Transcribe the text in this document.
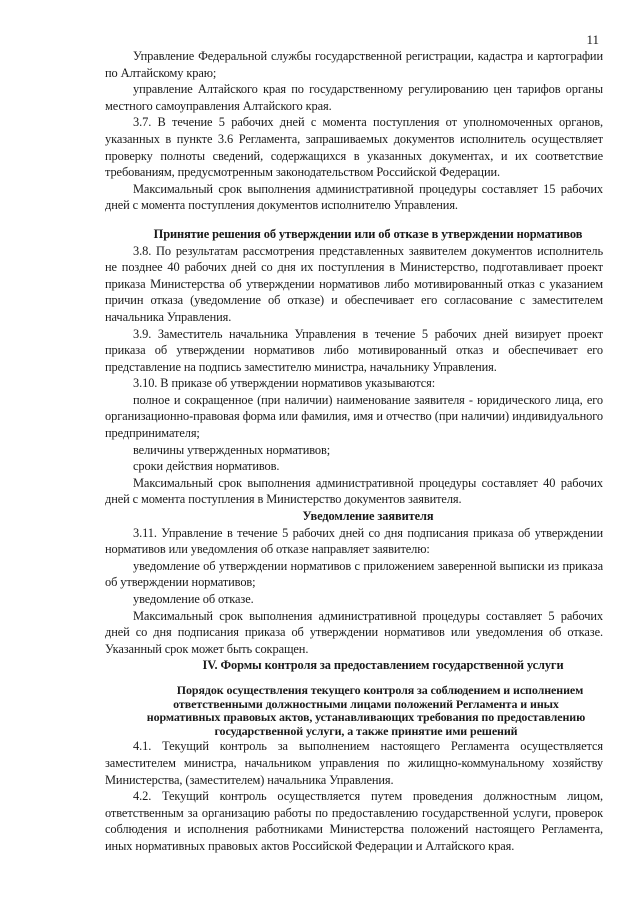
11

Управление Федеральной службы государственной регистрации, кадастра и картографии по Алтайскому краю;

управление Алтайского края по государственному регулированию цен тарифов органы местного самоуправления Алтайского края.

3.7. В течение 5 рабочих дней с момента поступления от уполномоченных органов, указанных в пункте 3.6 Регламента, запрашиваемых документов исполнитель осуществляет проверку полноты сведений, содержащихся в указанных документах, и их соответствие требованиям, предусмотренным законодательством Российской Федерации.

Максимальный срок выполнения административной процедуры составляет 15 рабочих дней с момента поступления документов исполнителю Управления.

Принятие решения об утверждении или об отказе в утверждении нормативов

3.8. По результатам рассмотрения представленных заявителем документов исполнитель не позднее 40 рабочих дней со дня их поступления в Министерство, подготавливает проект приказа Министерства об утверждении нормативов либо мотивированный отказ с указанием причин отказа (уведомление об отказе) и обеспечивает его согласование с заместителем начальника Управления.

3.9. Заместитель начальника Управления в течение 5 рабочих дней визирует проект приказа об утверждении нормативов либо мотивированный отказ и обеспечивает его представление на подпись заместителю министра, начальнику Управления.

3.10. В приказе об утверждении нормативов указываются:

полное и сокращенное (при наличии) наименование заявителя - юридического лица, его организационно-правовая форма или фамилия, имя и отчество (при наличии) индивидуального предпринимателя;

величины утвержденных нормативов;

сроки действия нормативов.

Максимальный срок выполнения административной процедуры составляет 40 рабочих дней с момента поступления в Министерство документов заявителя.

Уведомление заявителя

3.11. Управление в течение 5 рабочих дней со дня подписания приказа об утверждении нормативов или уведомления об отказе направляет заявителю:

уведомление об утверждении нормативов с приложением заверенной выписки из приказа об утверждении нормативов;

уведомление об отказе.

Максимальный срок выполнения административной процедуры составляет 5 рабочих дней со дня подписания приказа об утверждении нормативов или уведомления об отказе. Указанный срок может быть сокращен.

IV. Формы контроля за предоставлением государственной услуги

Порядок осуществления текущего контроля за соблюдением и исполнением ответственными должностными лицами положений Регламента и иных нормативных правовых актов, устанавливающих требования по предоставлению государственной услуги, а также принятие ими решений

4.1. Текущий контроль за выполнением настоящего Регламента осуществляется заместителем министра, начальником управления по жилищно-коммунальному хозяйству Министерства, (заместителем) начальника Управления.

4.2. Текущий контроль осуществляется путем проведения должностным лицом, ответственным за организацию работы по предоставлению государственной услуги, проверок соблюдения и исполнения работниками Министерства положений настоящего Регламента, иных нормативных правовых актов Российской Федерации и Алтайского края.
